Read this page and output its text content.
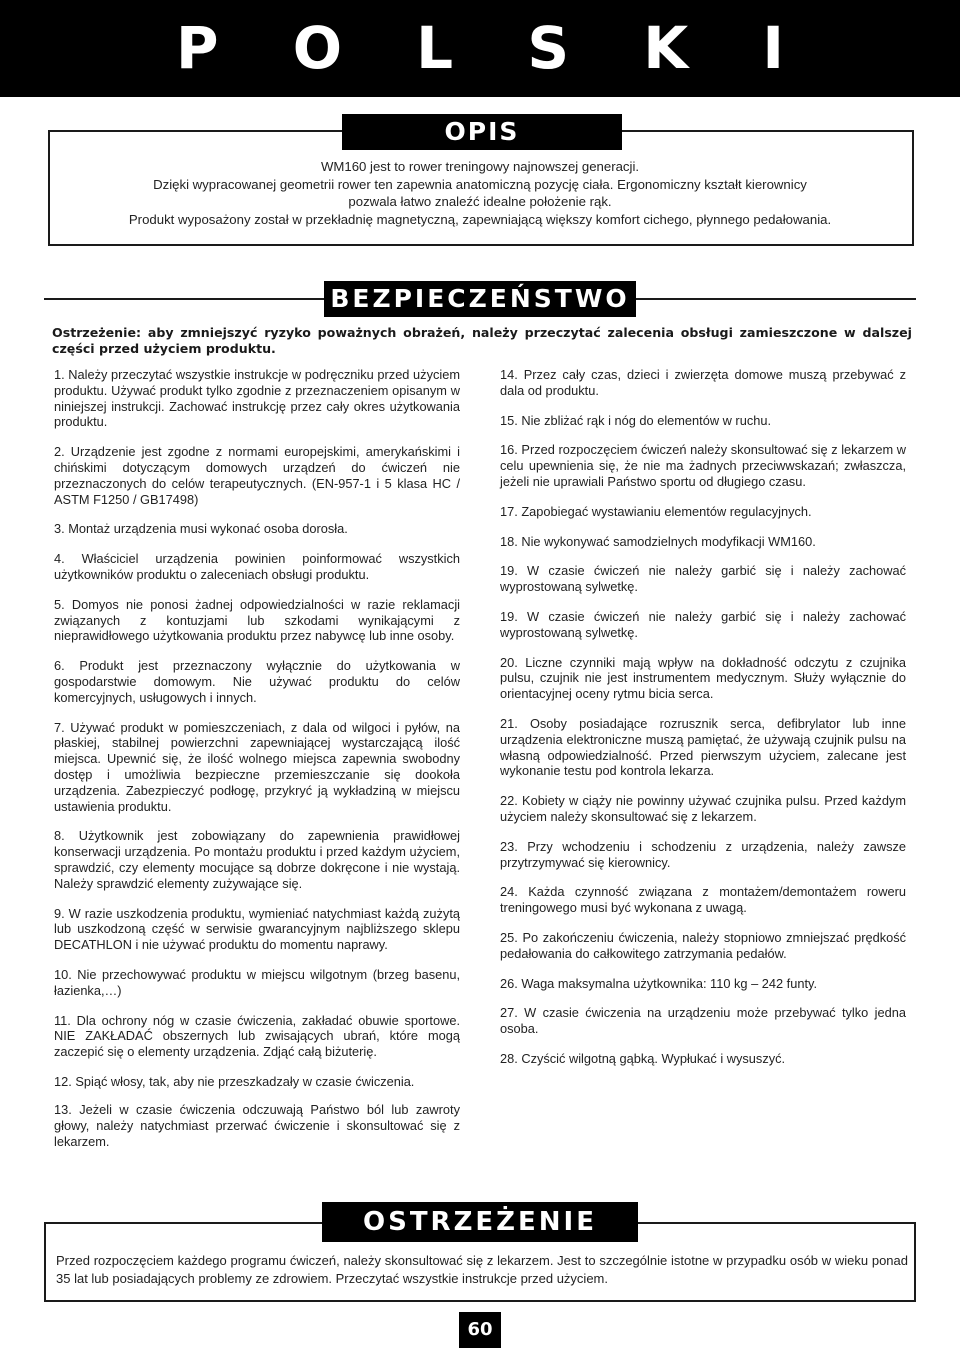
P O L S K I
OPIS

WM160 jest to rower treningowy najnowszej generacji.

Dzięki wypracowanej geometrii rower ten zapewnia anatomiczną pozycję ciała. Ergonomiczny kształt kierownicy

pozwala łatwo znaleźć idealne położenie rąk.

Produkt wyposażony został w przekładnię magnetyczną, zapewniającą większy komfort cichego, płynnego pedałowania.

BEZPIECZEŃSTWO
Ostrzeżenie: aby zmniejszyć ryzyko poważnych obrażeń, należy przeczytać zalecenia obsługi zamieszczone w dalszej części przed użyciem produktu.

1. Należy przeczytać wszystkie instrukcje w podręczniku przed użyciem produktu. Używać produkt tylko zgodnie z przeznaczeniem opisanym w niniejszej instrukcji. Zachować instrukcję przez cały okres użytkowania produktu.

2. Urządzenie jest zgodne z normami europejskimi, amerykańskimi i chińskimi dotyczącym domowych urządzeń do ćwiczeń nie przeznaczonych do celów terapeutycznych. (EN-957-1 i 5 klasa HC / ASTM F1250 / GB17498)

3. Montaż urządzenia musi wykonać osoba dorosła.

4. Właściciel urządzenia powinien poinformować wszystkich użytkowników produktu o zaleceniach obsługi produktu.

5. Domyos nie ponosi żadnej odpowiedzialności w razie reklamacji związanych z kontuzjami lub szkodami wynikającymi z nieprawidłowego użytkowania produktu przez nabywcę lub inne osoby.

6. Produkt jest przeznaczony wyłącznie do użytkowania w gospodarstwie domowym. Nie używać produktu do celów komercyjnych, usługowych i innych.

7. Używać produkt w pomieszczeniach, z dala od wilgoci i pyłów, na płaskiej, stabilnej powierzchni zapewniającej wystarczającą ilość miejsca. Upewnić się, że ilość wolnego miejsca zapewnia swobodny dostęp i umożliwia bezpieczne przemieszczanie się dookoła urządzenia. Zabezpieczyć podłogę, przykryć ją wykładziną w miejscu ustawienia produktu.

8. Użytkownik jest zobowiązany do zapewnienia prawidłowej konserwacji urządzenia. Po montażu produktu i przed każdym użyciem, sprawdzić, czy elementy mocujące są dobrze dokręcone i nie wystają. Należy sprawdzić elementy zużywające się.

9. W razie uszkodzenia produktu, wymieniać natychmiast każdą zużytą lub uszkodzoną część w serwisie gwarancyjnym najbliższego sklepu DECATHLON i nie używać produktu do momentu naprawy.

10. Nie przechowywać produktu w miejscu wilgotnym (brzeg basenu, łazienka,…)

11. Dla ochrony nóg w czasie ćwiczenia, zakładać obuwie sportowe. NIE ZAKŁADAĆ obszernych lub zwisających ubrań, które mogą zaczepić się o elementy urządzenia. Zdjąć całą biżuterię.

12. Spiąć włosy, tak, aby nie przeszkadzały w czasie ćwiczenia.

14. Przez cały czas, dzieci i zwierzęta domowe muszą przebywać z dala od produktu.

15. Nie zbliżać rąk i nóg do elementów w ruchu.

16. Przed rozpoczęciem ćwiczeń należy skonsultować się z lekarzem w celu upewnienia się, że nie ma żadnych przeciwwskazań; zwłaszcza, jeżeli nie uprawiali Państwo sportu od długiego czasu.

17. Zapobiegać wystawianiu elementów regulacyjnych.

18. Nie wykonywać samodzielnych modyfikacji WM160.

19. W czasie ćwiczeń nie należy garbić się i należy zachować wyprostowaną sylwetkę.

19. W czasie ćwiczeń nie należy garbić się i należy zachować wyprostowaną sylwetkę.

20. Liczne czynniki mają wpływ na dokładność odczytu z czujnika pulsu, czujnik nie jest instrumentem medycznym. Służy wyłącznie do orientacyjnej oceny rytmu bicia serca.

21. Osoby posiadające rozrusznik serca, defibrylator lub inne urządzenia elektroniczne muszą pamiętać, że używają czujnik pulsu na własną odpowiedzialność. Przed pierwszym użyciem, zalecane jest wykonanie testu pod kontrola lekarza.

22. Kobiety w ciąży nie powinny używać czujnika pulsu. Przed każdym użyciem należy skonsultować się z lekarzem.

23. Przy wchodzeniu i schodzeniu z urządzenia, należy zawsze przytrzymywać się kierownicy.

24. Każda czynność związana z montażem/demontażem roweru treningowego musi być wykonana z uwagą.

25. Po zakończeniu ćwiczenia, należy stopniowo zmniejszać prędkość pedałowania do całkowitego zatrzymania pedałów.

26. Waga maksymalna użytkownika: 110 kg – 242 funty.

27. W czasie ćwiczenia na urządzeniu może przebywać tylko jedna osoba.

28. Czyścić wilgotną gąbką. Wypłukać i wysuszyć.

13. Jeżeli w czasie ćwiczenia odczuwają Państwo ból lub zawroty głowy, należy natychmiast przerwać ćwiczenie i skonsultować się z lekarzem.

OSTRZEŻENIE

Przed rozpoczęciem każdego programu ćwiczeń, należy skonsultować się z lekarzem. Jest to szczególnie istotne w przypadku osób w wieku ponad 35 lat lub posiadających problemy ze zdrowiem. Przeczytać wszystkie instrukcje przed użyciem.

60
